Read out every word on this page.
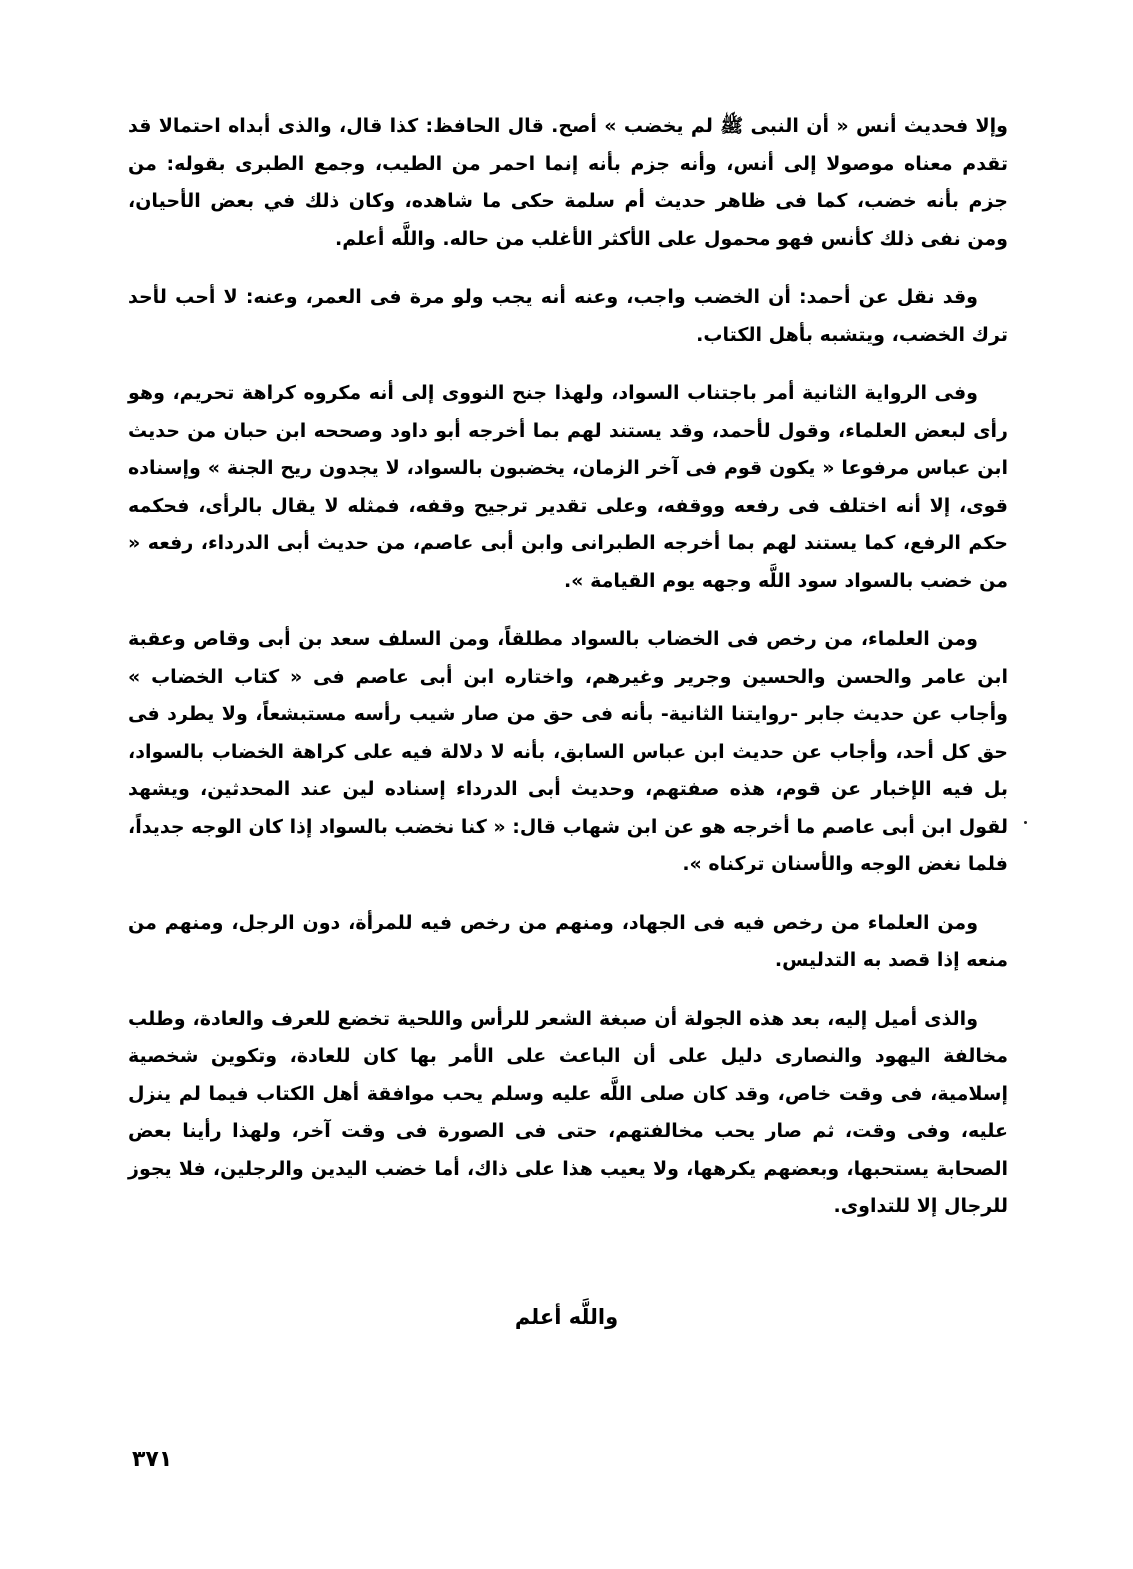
وإلا فحديث أنس « أن النبى ﷺ لم يخضب » أصح. قال الحافظ: كذا قال، والذى أبداه احتمالا قد تقدم معناه موصولا إلى أنس، وأنه جزم بأنه إنما احمر من الطيب، وجمع الطبرى بقوله: من جزم بأنه خضب، كما فى ظاهر حديث أم سلمة حكى ما شاهده، وكان ذلك في بعض الأحيان، ومن نفى ذلك كأنس فهو محمول على الأكثر الأغلب من حاله. واللَّه أعلم.

وقد نقل عن أحمد: أن الخضب واجب، وعنه أنه يجب ولو مرة فى العمر، وعنه: لا أحب لأحد ترك الخضب، ويتشبه بأهل الكتاب.

وفى الرواية الثانية أمر باجتناب السواد، ولهذا جنح النووى إلى أنه مكروه كراهة تحريم، وهو رأى لبعض العلماء، وقول لأحمد، وقد يستند لهم بما أخرجه أبو داود وصححه ابن حبان من حديث ابن عباس مرفوعا « يكون قوم فى آخر الزمان، يخضبون بالسواد، لا يجدون ريح الجنة » وإسناده قوى، إلا أنه اختلف فى رفعه ووقفه، وعلى تقدير ترجيح وقفه، فمثله لا يقال بالرأى، فحكمه حكم الرفع، كما يستند لهم بما أخرجه الطبرانى وابن أبى عاصم، من حديث أبى الدرداء، رفعه « من خضب بالسواد سود اللَّه وجهه يوم القيامة ».

ومن العلماء، من رخص فى الخضاب بالسواد مطلقاً، ومن السلف سعد بن أبى وقاص وعقبة ابن عامر والحسن والحسين وجرير وغيرهم، واختاره ابن أبى عاصم فى « كتاب الخضاب » وأجاب عن حديث جابر -روايتنا الثانية- بأنه فى حق من صار شيب رأسه مستبشعاً، ولا يطرد فى حق كل أحد، وأجاب عن حديث ابن عباس السابق، بأنه لا دلالة فيه على كراهة الخضاب بالسواد، بل فيه الإخبار عن قوم، هذه صفتهم، وحديث أبى الدرداء إسناده لين عند المحدثين، ويشهد لقول ابن أبى عاصم ما أخرجه هو عن ابن شهاب قال: « كنا نخضب بالسواد إذا كان الوجه جديداً، فلما نغض الوجه والأسنان تركناه ».

ومن العلماء من رخص فيه فى الجهاد، ومنهم من رخص فيه للمرأة، دون الرجل، ومنهم من منعه إذا قصد به التدليس.

والذى أميل إليه، بعد هذه الجولة أن صبغة الشعر للرأس واللحية تخضع للعرف والعادة، وطلب مخالفة اليهود والنصارى دليل على أن الباعث على الأمر بها كان للعادة، وتكوين شخصية إسلامية، فى وقت خاص، وقد كان صلى اللَّه عليه وسلم يحب موافقة أهل الكتاب فيما لم ينزل عليه، وفى وقت، ثم صار يحب مخالفتهم، حتى فى الصورة فى وقت آخر، ولهذا رأينا بعض الصحابة يستحبها، وبعضهم يكرهها، ولا يعيب هذا على ذاك، أما خضب اليدين والرجلين، فلا يجوز للرجال إلا للتداوى.

واللَّه أعلم
٣٧١
